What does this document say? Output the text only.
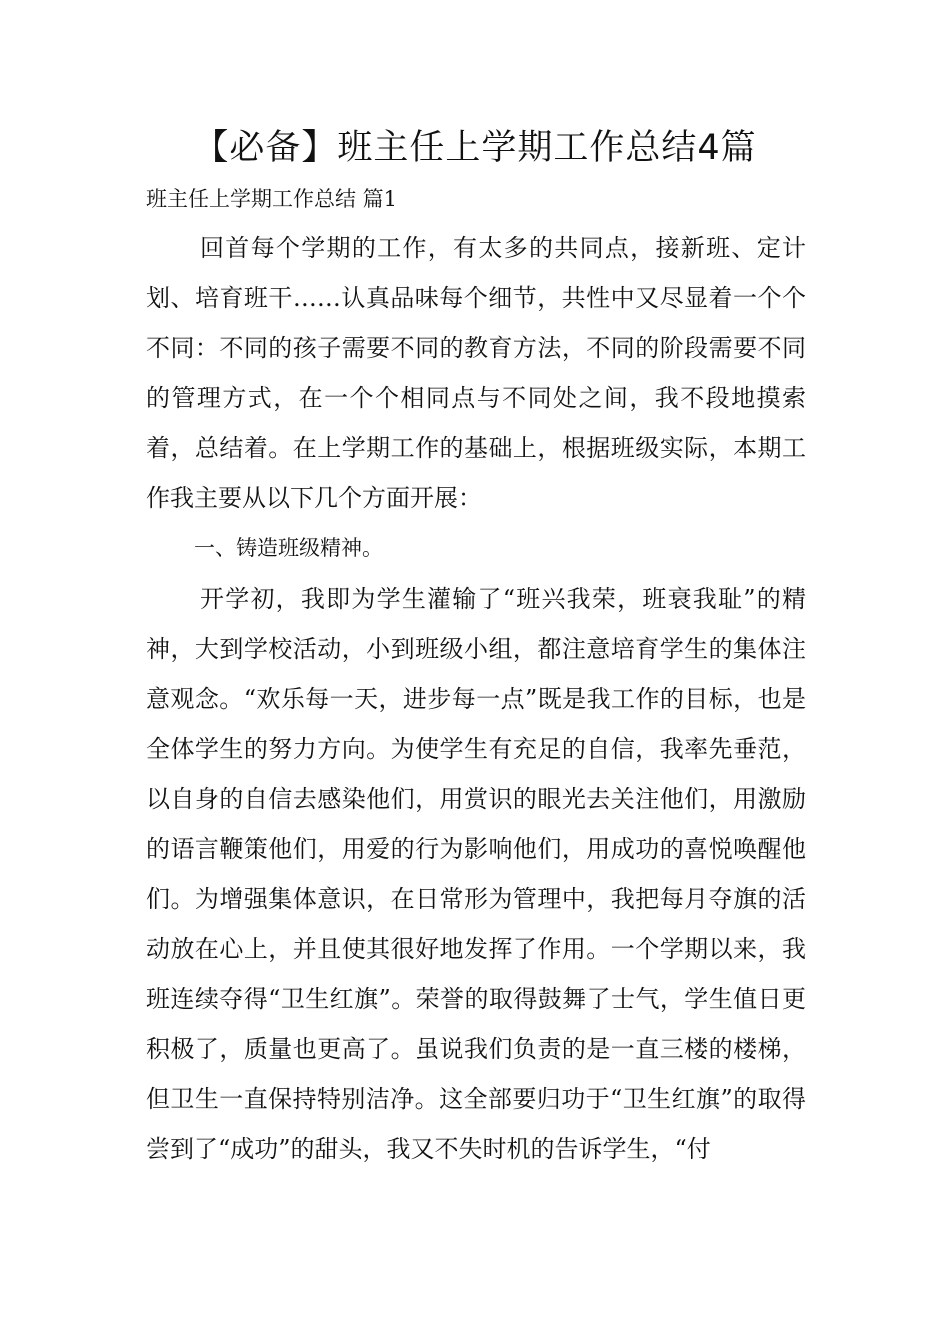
【必备】班主任上学期工作总结4篇
班主任上学期工作总结 篇1
回首每个学期的工作，有太多的共同点，接新班、定计划、培育班干……认真品味每个细节，共性中又尽显着一个个不同：不同的孩子需要不同的教育方法，不同的阶段需要不同的管理方式，在一个个相同点与不同处之间，我不段地摸索着，总结着。在上学期工作的基础上，根据班级实际，本期工作我主要从以下几个方面开展：
一、铸造班级精神。
开学初，我即为学生灌输了“班兴我荣，班衰我耻”的精神，大到学校活动，小到班级小组，都注意培育学生的集体注意观念。“欢乐每一天，进步每一点”既是我工作的目标，也是全体学生的努力方向。为使学生有充足的自信，我率先垂范，以自身的自信去感染他们，用赏识的眼光去关注他们，用激励的语言鞭策他们，用爱的行为影响他们，用成功的喜悦唤醒他们。为增强集体意识，在日常形为管理中，我把每月夺旗的活动放在心上，并且使其很好地发挥了作用。一个学期以来，我班连续夺得“卫生红旗”。荣誉的取得鼓舞了士气，学生值日更积极了，质量也更高了。虽说我们负责的是一直三楼的楼梯，但卫生一直保持特别洁净。这全部要归功于“卫生红旗”的取得尝到了“成功”的甜头，我又不失时机的告诉学生，“付
